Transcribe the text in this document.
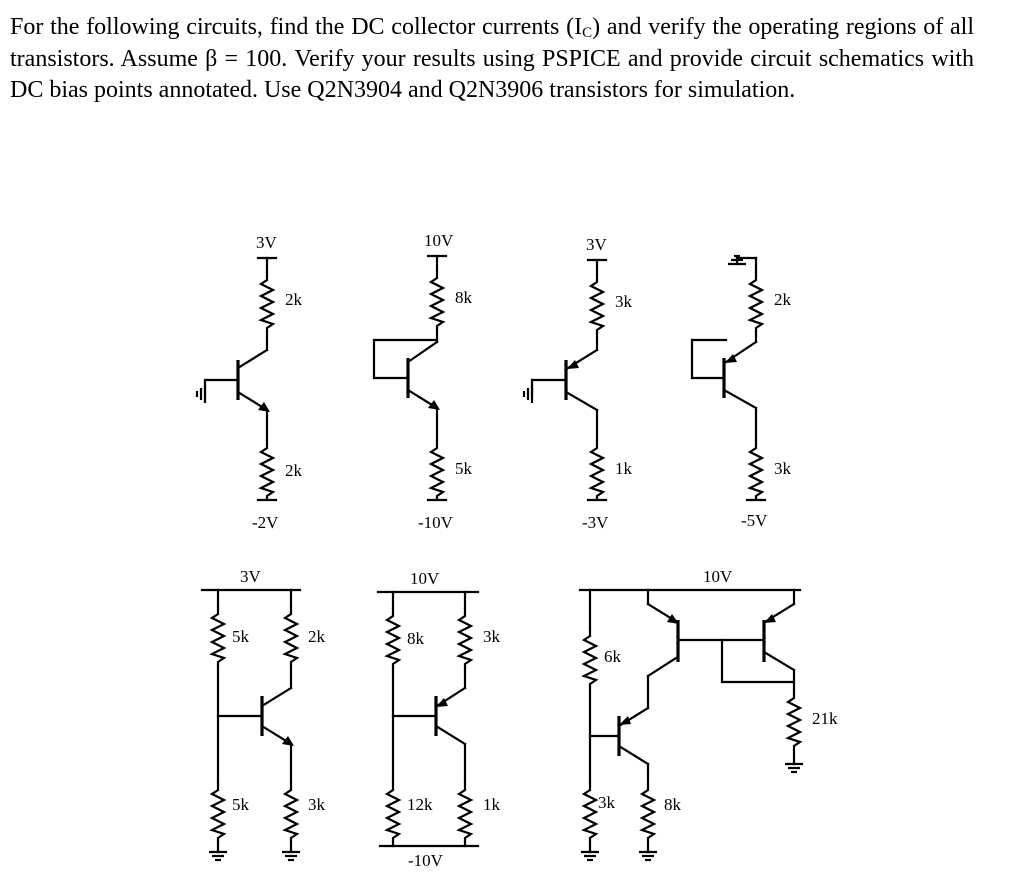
For the following circuits, find the DC collector currents $(I_C)$ and verify the operating regions of all transistors. Assume β = 100. Verify your results using PSPICE and provide circuit schematics with DC bias points annotated. Use Q2N3904 and Q2N3906 transistors for simulation.

3V
2k
2k
-2V
10V
8k
5k
-10V
3V
3k
1k
-3V
2k
3k
-5V
3V
5k	2k
5k	3k
10V
8k	3k
12k	1k
-10V
10V
6k
3k	8k
21k
